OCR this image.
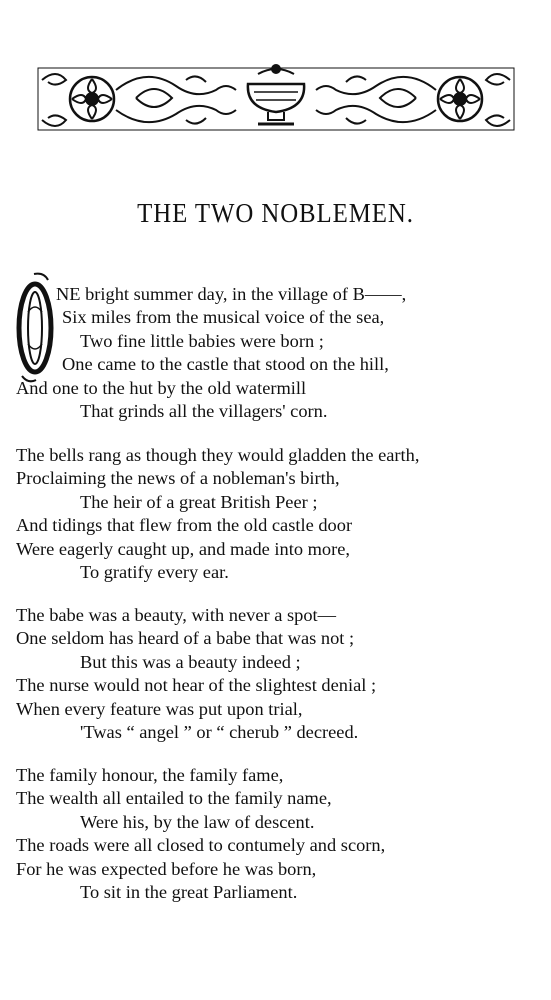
THE TWO NOBLEMEN.
NE bright summer day, in the village of B——,
Six miles from the musical voice of the sea,
Two fine little babies were born ;
One came to the castle that stood on the hill,
And one to the hut by the old watermill
That grinds all the villagers' corn.
The bells rang as though they would gladden the earth,
Proclaiming the news of a nobleman's birth,
The heir of a great British Peer ;
And tidings that flew from the old castle door
Were eagerly caught up, and made into more,
To gratify every ear.
The babe was a beauty, with never a spot—
One seldom has heard of a babe that was not ;
But this was a beauty indeed ;
The nurse would not hear of the slightest denial ;
When every feature was put upon trial,
'Twas “ angel ” or “ cherub ” decreed.
The family honour, the family fame,
The wealth all entailed to the family name,
Were his, by the law of descent.
The roads were all closed to contumely and scorn,
For he was expected before he was born,
To sit in the great Parliament.
